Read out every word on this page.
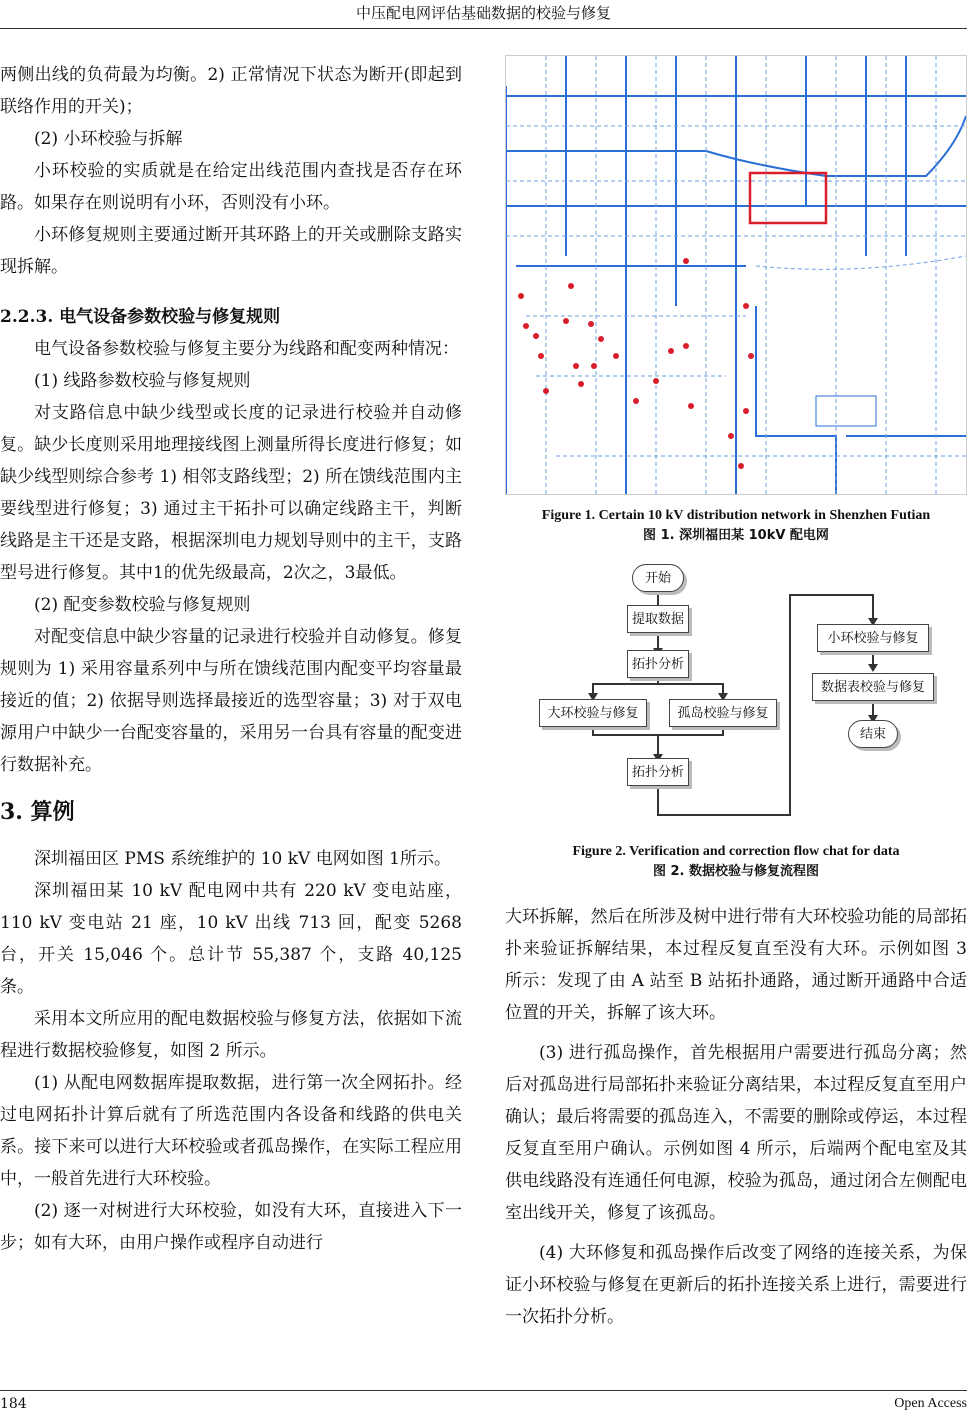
中压配电网评估基础数据的校验与修复

两侧出线的负荷最为均衡。2) 正常情况下状态为断开(即起到联络作用的开关)；

(2) 小环校验与拆解

小环校验的实质就是在给定出线范围内查找是否存在环路。如果存在则说明有小环，否则没有小环。

小环修复规则主要通过断开其环路上的开关或删除支路实现拆解。

2.2.3. 电气设备参数校验与修复规则

电气设备参数校验与修复主要分为线路和配变两种情况：

(1) 线路参数校验与修复规则

对支路信息中缺少线型或长度的记录进行校验并自动修复。缺少长度则采用地理接线图上测量所得长度进行修复；如缺少线型则综合参考 1) 相邻支路线型；2) 所在馈线范围内主要线型进行修复；3) 通过主干拓扑可以确定线路主干，判断线路是主干还是支路，根据深圳电力规划导则中的主干，支路型号进行修复。其中1的优先级最高，2次之，3最低。

(2) 配变参数校验与修复规则

对配变信息中缺少容量的记录进行校验并自动修复。修复规则为 1) 采用容量系列中与所在馈线范围内配变平均容量最接近的值；2) 依据导则选择最接近的选型容量；3) 对于双电源用户中缺少一台配变容量的，采用另一台具有容量的配变进行数据补充。

3. 算例

深圳福田区 PMS 系统维护的 10 kV 电网如图 1所示。

深圳福田某 10 kV 配电网中共有 220 kV 变电站座，110 kV 变电站 21 座，10 kV 出线 713 回，配变 5268 台，开关 15,046 个。总计节 55,387 个，支路 40,125 条。

采用本文所应用的配电数据校验与修复方法，依据如下流程进行数据校验修复，如图 2 所示。

(1) 从配电网数据库提取数据，进行第一次全网拓扑。经过电网拓扑计算后就有了所选范围内各设备和线路的供电关系。接下来可以进行大环校验或者孤岛操作，在实际工程应用中，一般首先进行大环校验。

(2) 逐一对树进行大环校验，如没有大环，直接进入下一步；如有大环，由用户操作或程序自动进行

Figure 1. Certain 10 kV distribution network in Shenzhen Futian
图 1. 深圳福田某 10kV 配电网
开始
提取数据
拓扑分析
大环校验与修复	孤岛校验与修复
拓扑分析
小环校验与修复
数据表校验与修复
结束
Figure 2. Verification and correction flow chat for data
图 2. 数据校验与修复流程图

大环拆解，然后在所涉及树中进行带有大环校验功能的局部拓扑来验证拆解结果，本过程反复直至没有大环。示例如图 3 所示：发现了由 A 站至 B 站拓扑通路，通过断开通路中合适位置的开关，拆解了该大环。

(3) 进行孤岛操作，首先根据用户需要进行孤岛分离；然后对孤岛进行局部拓扑来验证分离结果，本过程反复直至用户确认；最后将需要的孤岛连入，不需要的删除或停运，本过程反复直至用户确认。示例如图 4 所示，后端两个配电室及其供电线路没有连通任何电源，校验为孤岛，通过闭合左侧配电室出线开关，修复了该孤岛。

(4) 大环修复和孤岛操作后改变了网络的连接关系，为保证小环校验与修复在更新后的拓扑连接关系上进行，需要进行一次拓扑分析。

184	Open Access
